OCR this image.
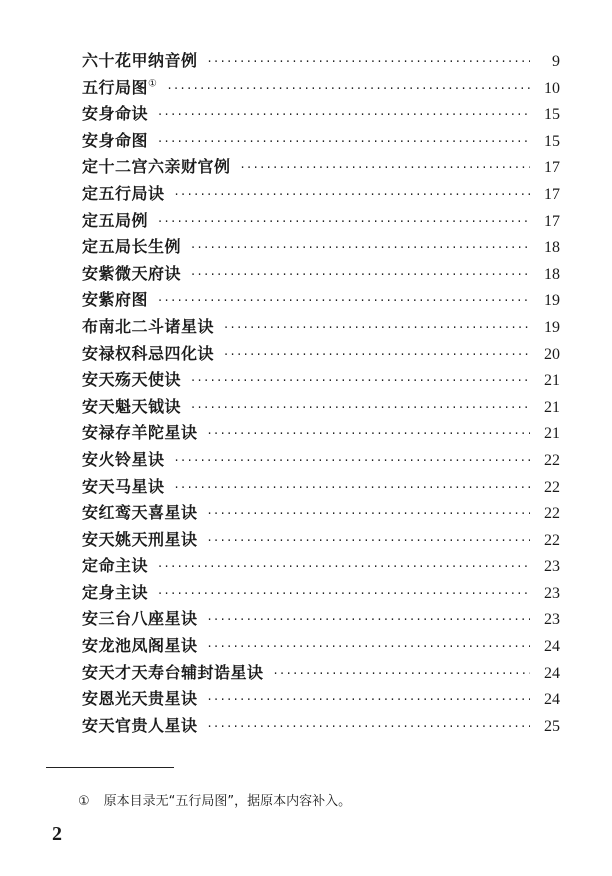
六十花甲纳音例 ·····	9
五行局图① ·····	10
安身命诀 ·····	15
安身命图 ·····	15
定十二宫六亲财官例 ·····	17
定五行局诀 ·····	17
定五局例 ·····	17
定五局长生例 ·····	18
安紫微天府诀 ·····	18
安紫府图 ·····	19
布南北二斗诸星诀 ·····	19
安禄权科忌四化诀 ·····	20
安天殇天使诀 ·····	21
安天魁天钺诀 ·····	21
安禄存羊陀星诀 ·····	21
安火铃星诀 ·····	22
安天马星诀 ·····	22
安红鸾天喜星诀 ·····	22
安天姚天刑星诀 ·····	22
定命主诀 ·····	23
定身主诀 ·····	23
安三台八座星诀 ·····	23
安龙池凤阁星诀 ·····	24
安天才天寿台辅封诰星诀 ·····	24
安恩光天贵星诀 ·····	24
安天官贵人星诀 ·····	25
① 原本目录无“五行局图”，据原本内容补入。
2
